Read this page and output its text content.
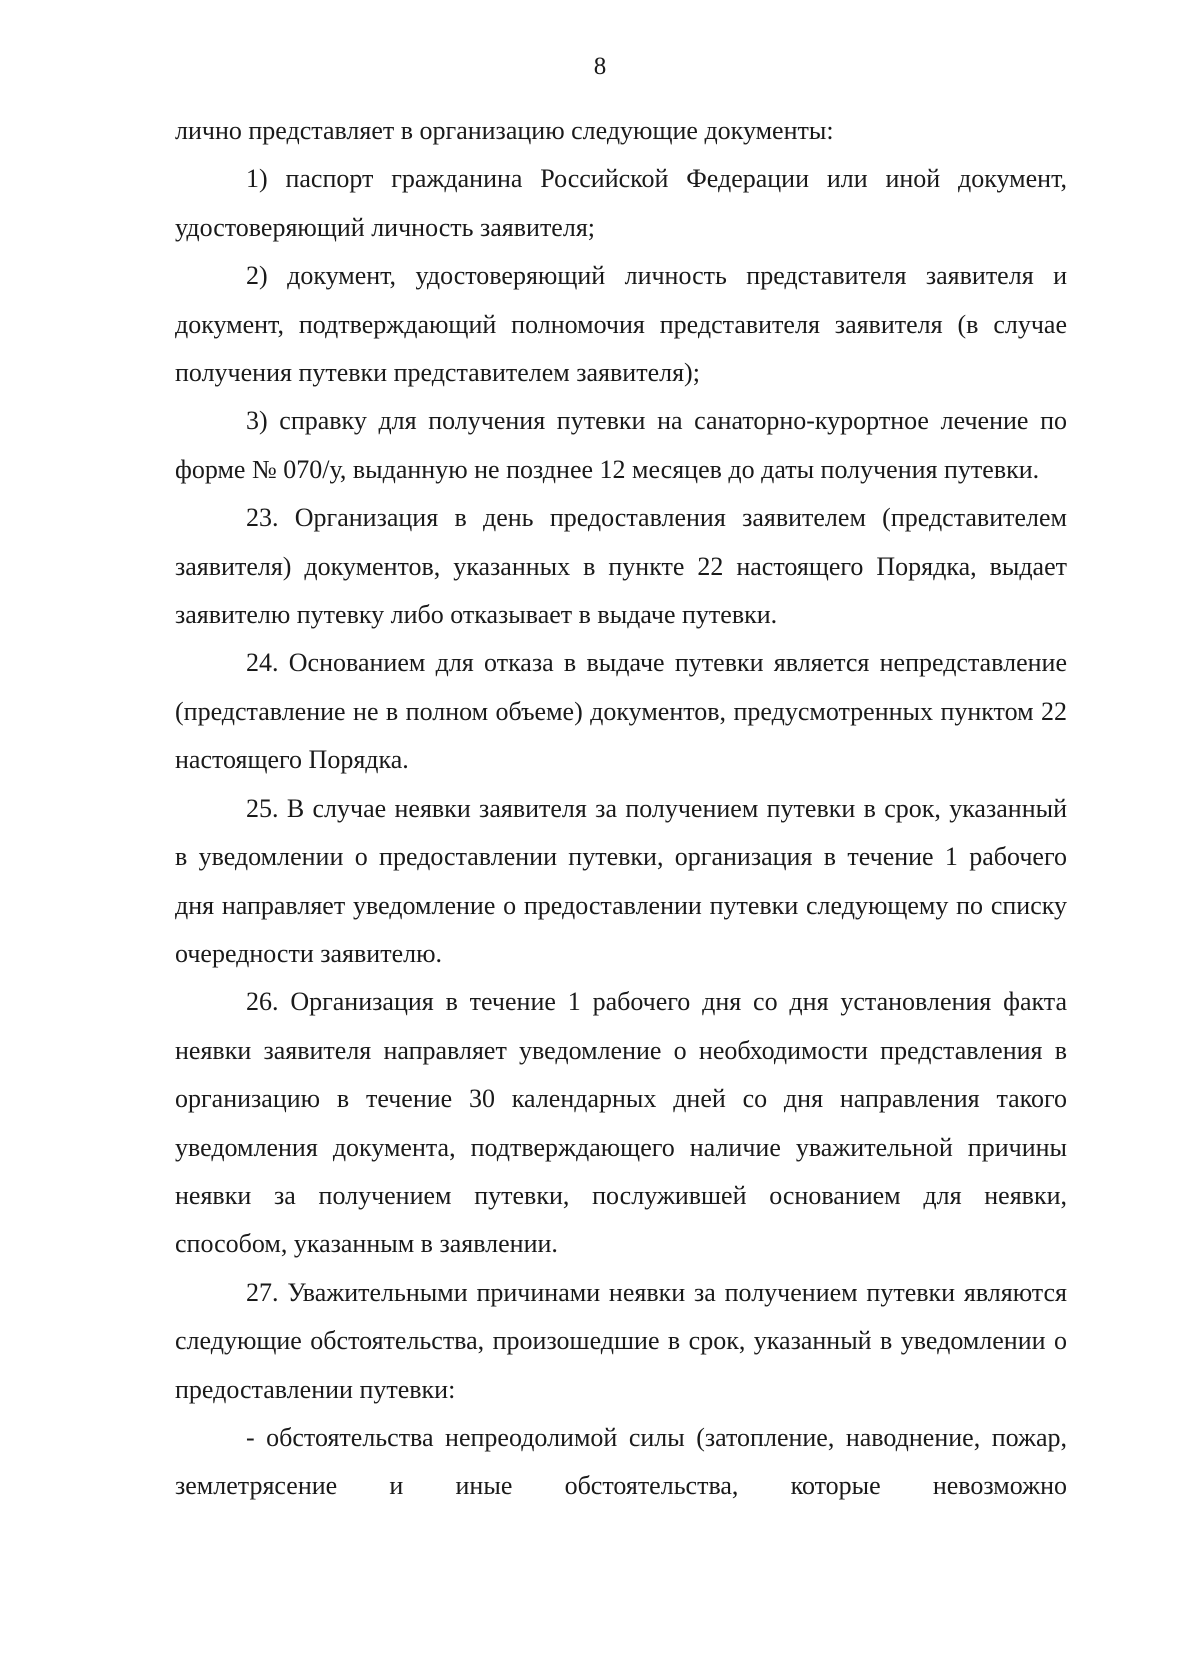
8

лично представляет в организацию следующие документы:

1) паспорт гражданина Российской Федерации или иной документ, удостоверяющий личность заявителя;

2) документ, удостоверяющий личность представителя заявителя и документ, подтверждающий полномочия представителя заявителя (в случае получения путевки представителем заявителя);

3) справку для получения путевки на санаторно-курортное лечение по форме № 070/у, выданную не позднее 12 месяцев до даты получения путевки.

23. Организация в день предоставления заявителем (представителем заявителя) документов, указанных в пункте 22 настоящего Порядка, выдает заявителю путевку либо отказывает в выдаче путевки.

24. Основанием для отказа в выдаче путевки является непредставление (представление не в полном объеме) документов, предусмотренных пунктом 22 настоящего Порядка.

25. В случае неявки заявителя за получением путевки в срок, указанный в уведомлении о предоставлении путевки, организация в течение 1 рабочего дня направляет уведомление о предоставлении путевки следующему по списку очередности заявителю.

26. Организация в течение 1 рабочего дня со дня установления факта неявки заявителя направляет уведомление о необходимости представления в организацию в течение 30 календарных дней со дня направления такого уведомления документа, подтверждающего наличие уважительной причины неявки за получением путевки, послужившей основанием для неявки, способом, указанным в заявлении.

27. Уважительными причинами неявки за получением путевки являются следующие обстоятельства, произошедшие в срок, указанный в уведомлении о предоставлении путевки:

- обстоятельства непреодолимой силы (затопление, наводнение, пожар, землетрясение и иные обстоятельства, которые невозможно
